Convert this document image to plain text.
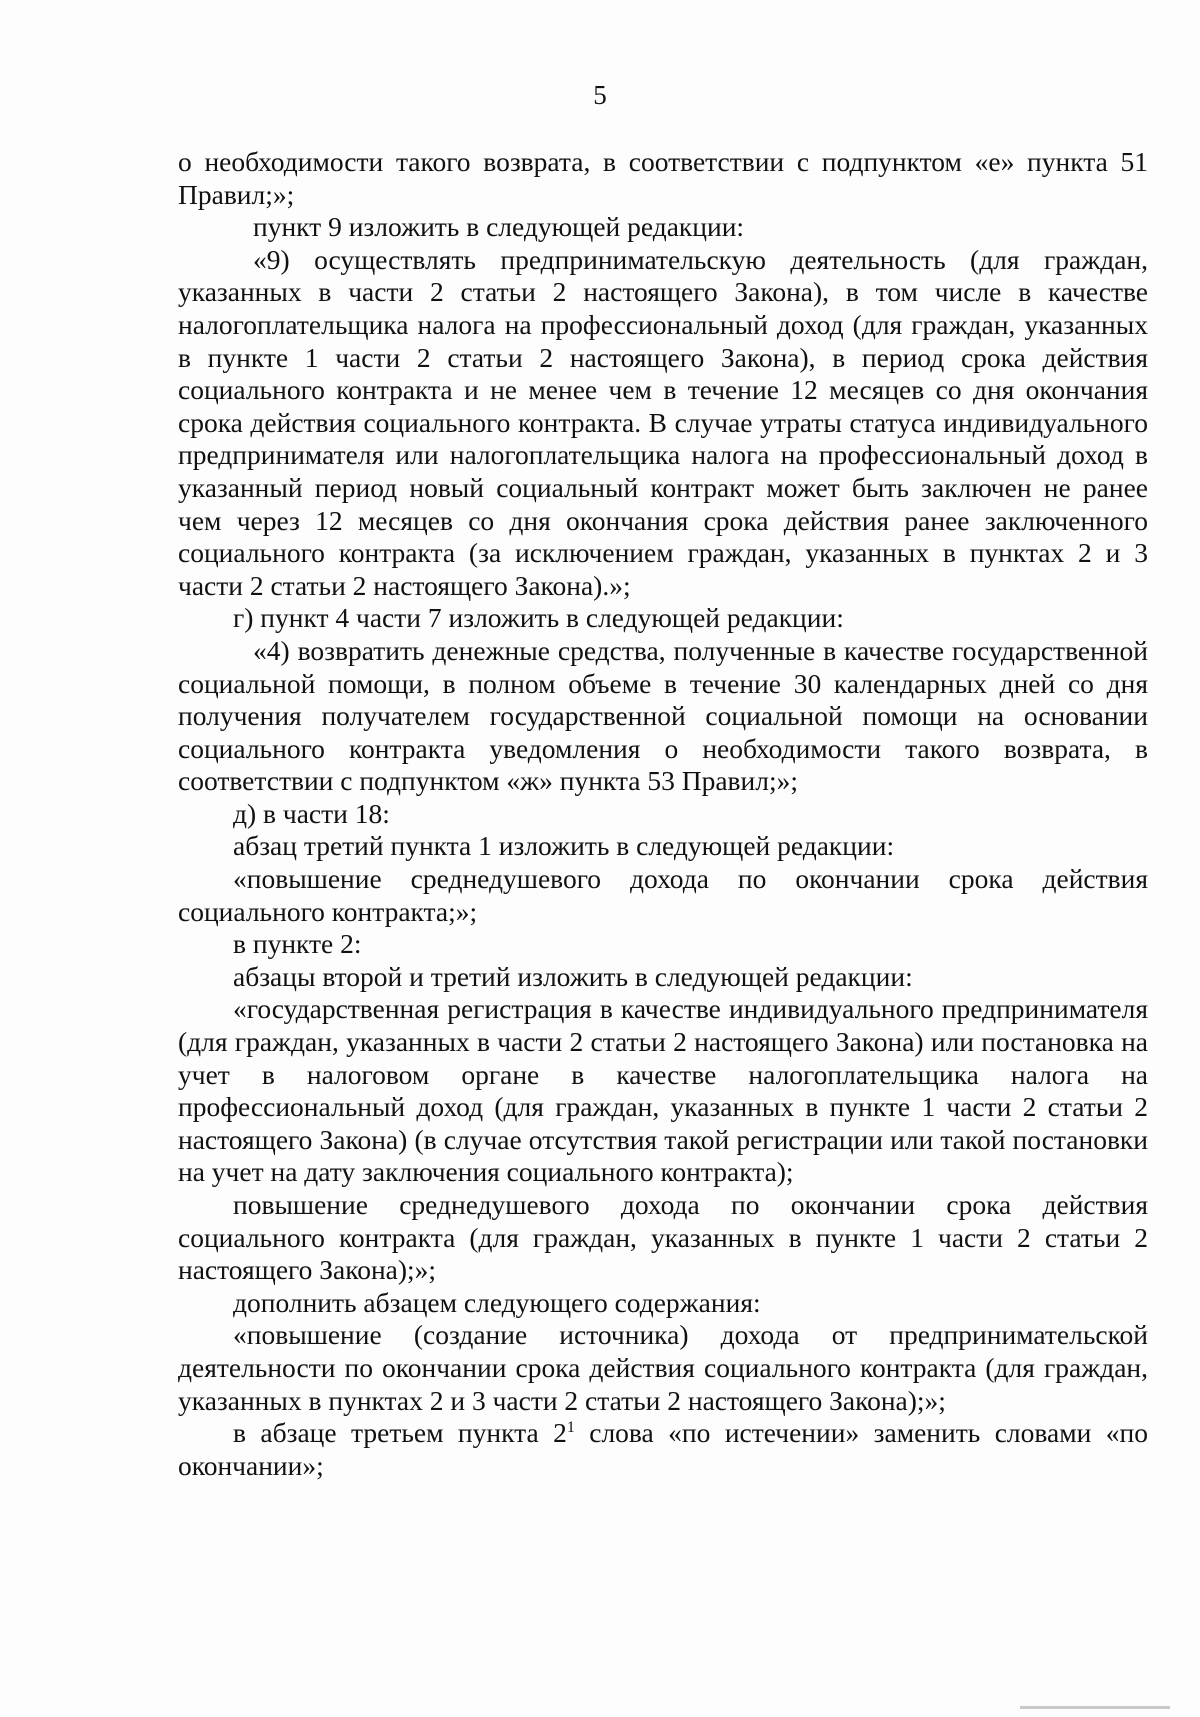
5

о необходимости такого возврата, в соответствии с подпунктом «е» пункта 51 Правил;»;

пункт 9 изложить в следующей редакции:

«9) осуществлять предпринимательскую деятельность (для граждан, указанных в части 2 статьи 2 настоящего Закона), в том числе в качестве налогоплательщика налога на профессиональный доход (для граждан, указанных в пункте 1 части 2 статьи 2 настоящего Закона), в период срока действия социального контракта и не менее чем в течение 12 месяцев со дня окончания срока действия социального контракта. В случае утраты статуса индивидуального предпринимателя или налогоплательщика налога на профессиональный доход в указанный период новый социальный контракт может быть заключен не ранее чем через 12 месяцев со дня окончания срока действия ранее заключенного социального контракта (за исключением граждан, указанных в пунктах 2 и 3 части 2 статьи 2 настоящего Закона).»;

г) пункт 4 части 7 изложить в следующей редакции:

«4) возвратить денежные средства, полученные в качестве государственной социальной помощи, в полном объеме в течение 30 календарных дней со дня получения получателем государственной социальной помощи на основании социального контракта уведомления о необходимости такого возврата, в соответствии с подпунктом «ж» пункта 53 Правил;»;

д) в части 18:

абзац третий пункта 1 изложить в следующей редакции:

«повышение среднедушевого дохода по окончании срока действия социального контракта;»;

в пункте 2:

абзацы второй и третий изложить в следующей редакции:

«государственная регистрация в качестве индивидуального предпринимателя (для граждан, указанных в части 2 статьи 2 настоящего Закона) или постановка на учет в налоговом органе в качестве налогоплательщика налога на профессиональный доход (для граждан, указанных в пункте 1 части 2 статьи 2 настоящего Закона) (в случае отсутствия такой регистрации или такой постановки на учет на дату заключения социального контракта);

повышение среднедушевого дохода по окончании срока действия социального контракта (для граждан, указанных в пункте 1 части 2 статьи 2 настоящего Закона);»;

дополнить абзацем следующего содержания:

«повышение (создание источника) дохода от предпринимательской деятельности по окончании срока действия социального контракта (для граждан, указанных в пунктах 2 и 3 части 2 статьи 2 настоящего Закона);»;

в абзаце третьем пункта $2^1$ слова «по истечении» заменить словами «по окончании»;
